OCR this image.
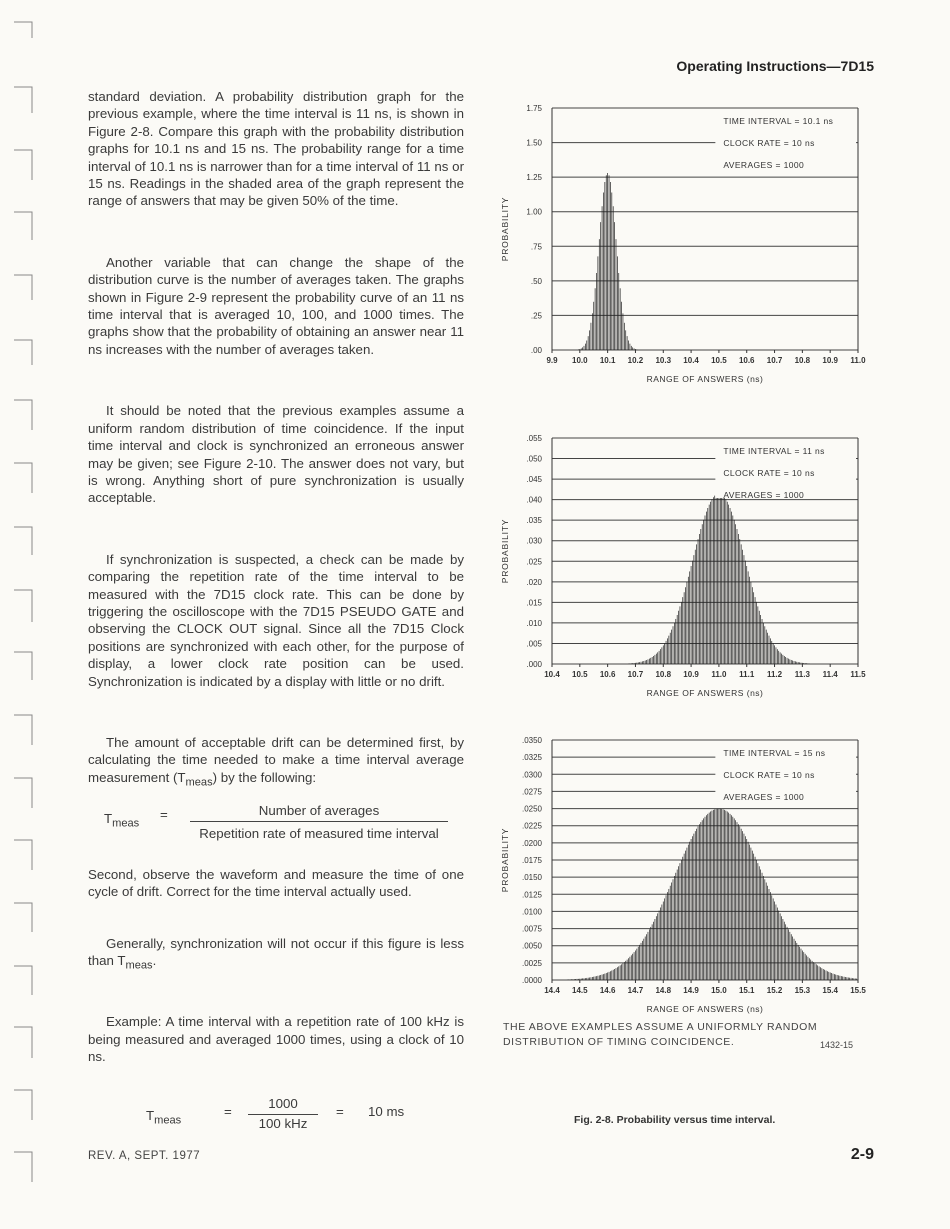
Operating Instructions—7D15

standard deviation. A probability distribution graph for the previous example, where the time interval is 11 ns, is shown in Figure 2-8. Compare this graph with the probability distribution graphs for 10.1 ns and 15 ns. The probability range for a time interval of 10.1 ns is narrower than for a time interval of 11 ns or 15 ns. Readings in the shaded area of the graph represent the range of answers that may be given 50% of the time.

Another variable that can change the shape of the distribution curve is the number of averages taken. The graphs shown in Figure 2-9 represent the probability curve of an 11 ns time interval that is averaged 10, 100, and 1000 times. The graphs show that the probability of obtaining an answer near 11 ns increases with the number of averages taken.

It should be noted that the previous examples assume a uniform random distribution of time coincidence. If the input time interval and clock is synchronized an erroneous answer may be given; see Figure 2-10. The answer does not vary, but is wrong. Anything short of pure synchronization is usually acceptable.

If synchronization is suspected, a check can be made by comparing the repetition rate of the time interval to be measured with the 7D15 clock rate. This can be done by triggering the oscilloscope with the 7D15 PSEUDO GATE and observing the CLOCK OUT signal. Since all the 7D15 Clock positions are synchronized with each other, for the purpose of display, a lower clock rate position can be used. Synchronization is indicated by a display with little or no drift.

The amount of acceptable drift can be determined first, by calculating the time needed to make a time interval average measurement $(T_{meas})$ by the following:

$T_{meas}$
=	Number of averages
Repetition rate of measured time interval

Second, observe the waveform and measure the time of one cycle of drift. Correct for the time interval actually used.

Generally, synchronization will not occur if this figure is less than $T_{meas}$.

Example: A time interval with a repetition rate of 100 kHz is being measured and averaged 1000 times, using a clock of 10 ns.

$T_{meas}$
=
1000
100 kHz
= 10 ms
.00
.25
.50
.75
1.00
1.25
1.50
1.75
9.9 10.0 10.1 10.2 10.3 10.4 10.5 10.6 10.7 10.8 10.9 11.0
TIME INTERVAL = 10.1 ns
CLOCK RATE = 10 ns
AVERAGES = 1000
PROBABILITY
RANGE OF ANSWERS (ns)
.000
.005
.010
.015
.020
.025
.030
.035
.040
.045
.050
.055
10.4 10.5 10.6 10.7 10.8 10.9 11.0 11.1 11.2 11.3 11.4 11.5
TIME INTERVAL = 11 ns
CLOCK RATE = 10 ns
AVERAGES = 1000
PROBABILITY
RANGE OF ANSWERS (ns)
.0000
.0025
.0050
.0075
.0100
.0125
.0150
.0175
.0200
.0225
.0250
.0275
.0300
.0325
.0350
14.4 14.5 14.6 14.7 14.8 14.9 15.0 15.1 15.2 15.3 15.4 15.5
TIME INTERVAL = 15 ns
CLOCK RATE = 10 ns
AVERAGES = 1000
PROBABILITY
RANGE OF ANSWERS (ns)
THE ABOVE EXAMPLES ASSUME A UNIFORMLY RANDOM DISTRIBUTION OF TIMING COINCIDENCE.	1432-15
Fig. 2-8. Probability versus time interval.
REV. A, SEPT. 1977	2-9
